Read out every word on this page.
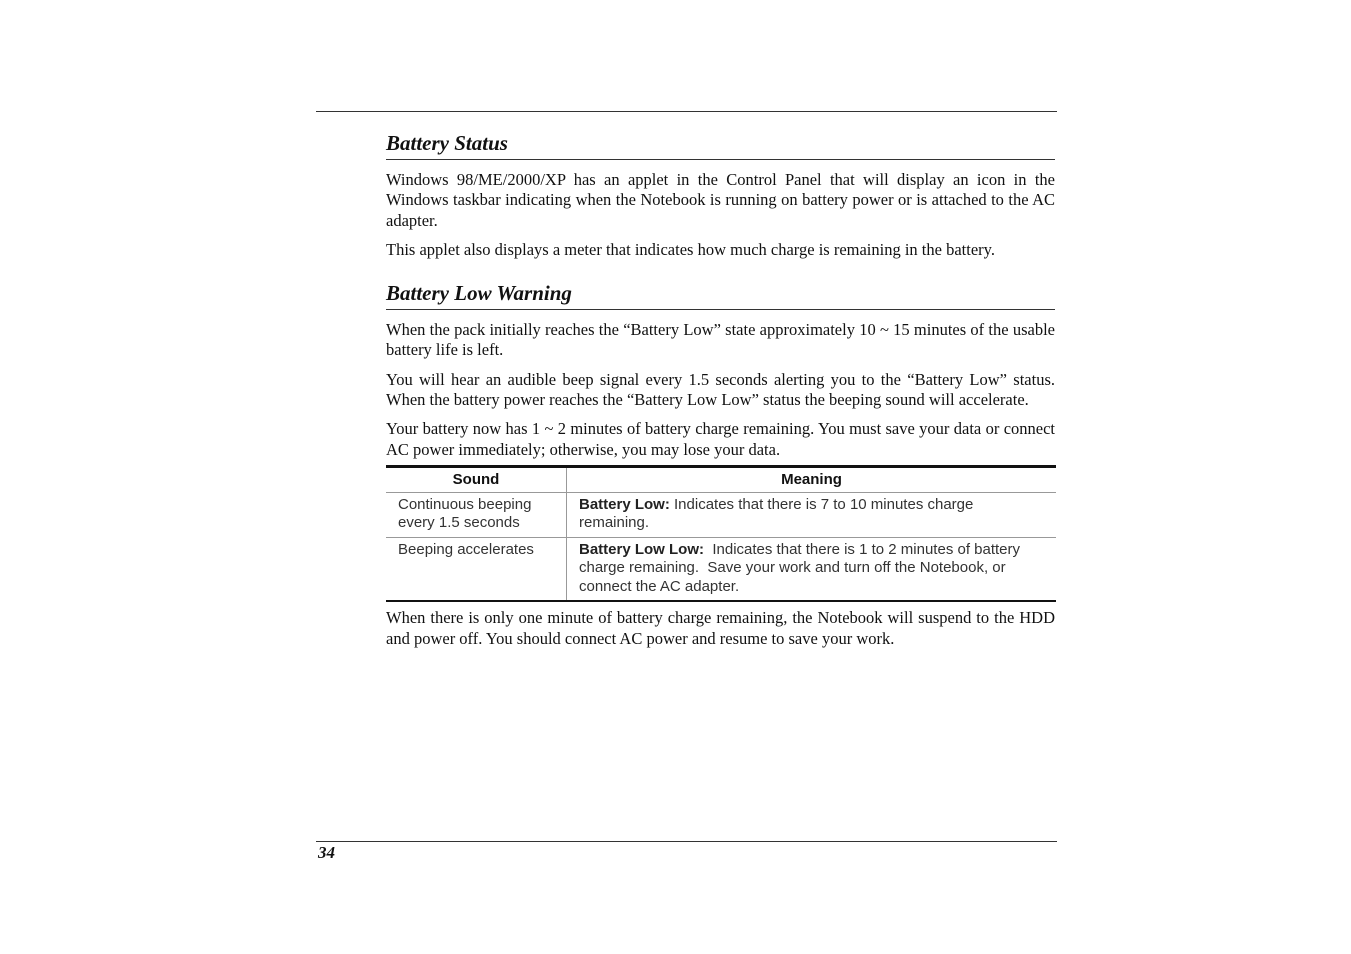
Battery Status

Windows 98/ME/2000/XP has an applet in the Control Panel that will display an icon in the Windows taskbar indicating when the Notebook is running on battery power or is attached to the AC adapter.

This applet also displays a meter that indicates how much charge is remaining in the battery.

Battery Low Warning

When the pack initially reaches the “Battery Low” state approximately 10 ~ 15 minutes of the usable battery life is left.

You will hear an audible beep signal every 1.5 seconds alerting you to the “Battery Low” status. When the battery power reaches the “Battery Low Low” status the beeping sound will accelerate.

Your battery now has 1 ~ 2 minutes of battery charge remaining. You must save your data or connect AC power immediately; otherwise, you may lose your data.

Sound	Meaning
Continuous beeping every 1.5 seconds	Battery Low: Indicates that there is 7 to 10 minutes charge remaining.
Beeping accelerates	Battery Low Low:  Indicates that there is 1 to 2 minutes of battery charge remaining.  Save your work and turn off the Notebook, or connect the AC adapter.

When there is only one minute of battery charge remaining, the Notebook will suspend to the HDD and power off. You should connect AC power and resume to save your work.

34
